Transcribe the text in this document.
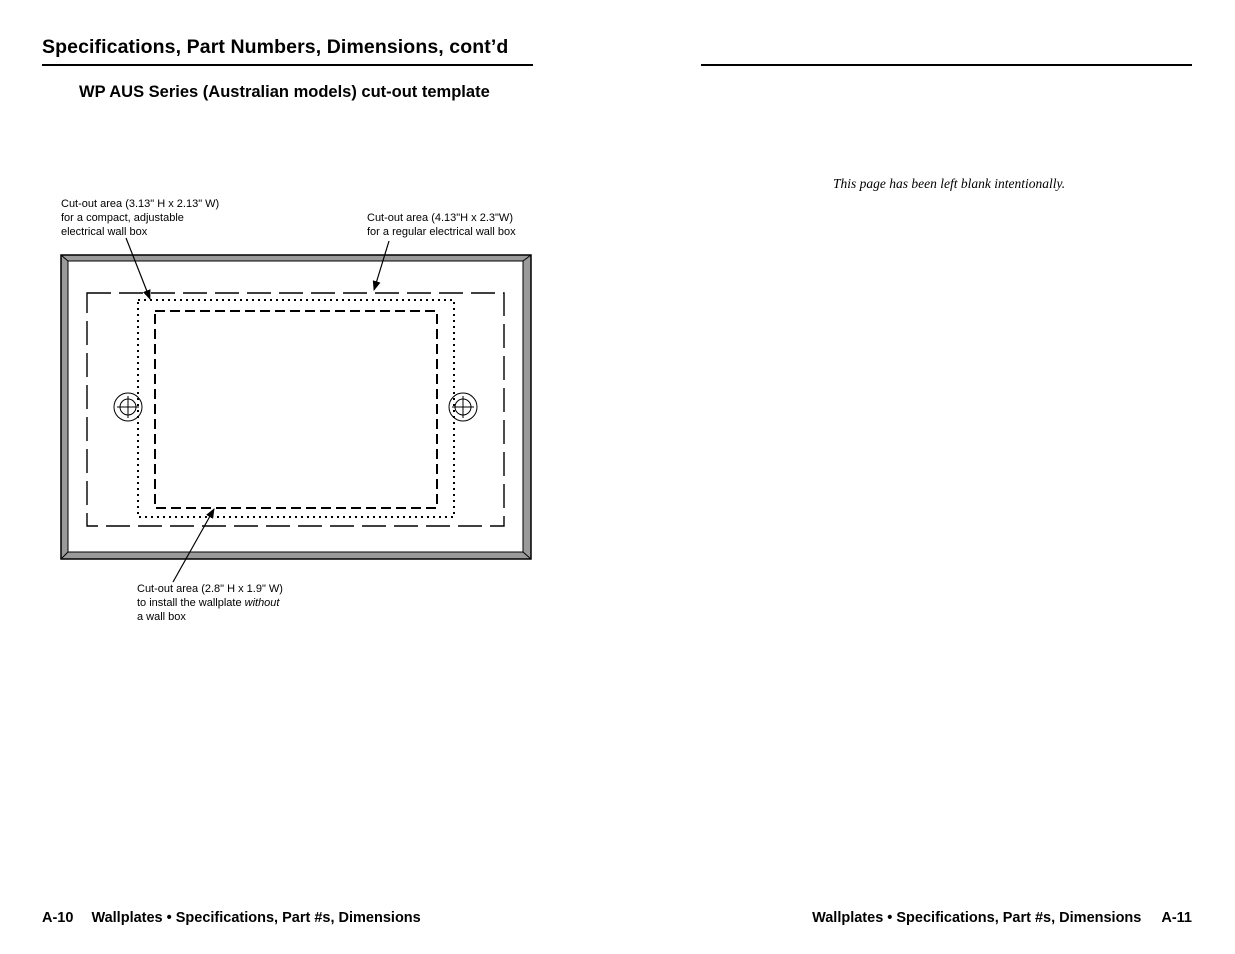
Specifications, Part Numbers, Dimensions, cont’d
WP AUS Series (Australian models) cut-out template
Cut-out area (3.13" H x 2.13" W)
for a compact, adjustable
electrical wall box
Cut-out area (4.13"H x 2.3"W)
for a regular electrical wall box
Cut-out area (2.8" H x 1.9" W)
to install the wallplate without
a wall box
This page has been left blank intentionally.
A-10 Wallplates • Specifications, Part #s, Dimensions	Wallplates • Specifications, Part #s, Dimensions A-11
